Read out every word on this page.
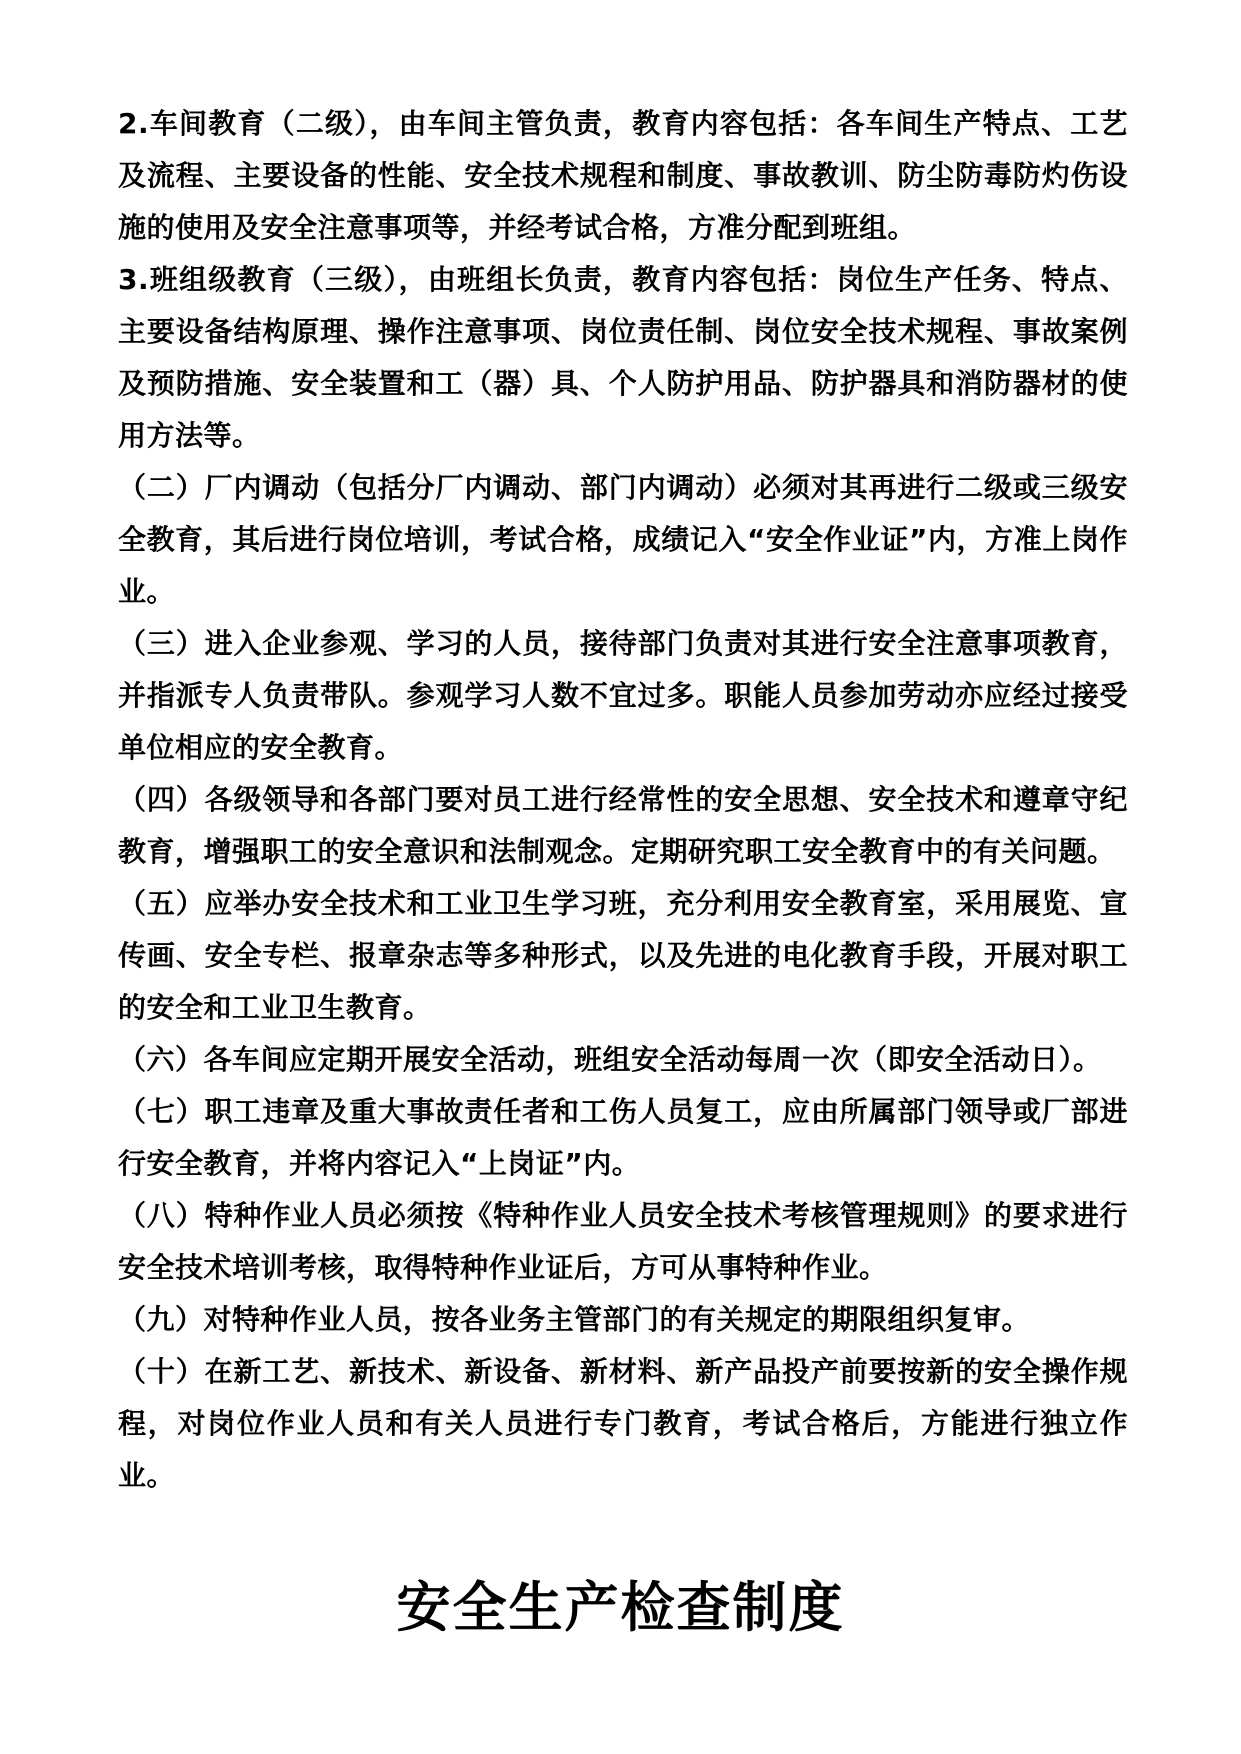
2.车间教育（二级），由车间主管负责，教育内容包括：各车间生产特点、工艺及流程、主要设备的性能、安全技术规程和制度、事故教训、防尘防毒防灼伤设施的使用及安全注意事项等，并经考试合格，方准分配到班组。

3.班组级教育（三级），由班组长负责，教育内容包括：岗位生产任务、特点、主要设备结构原理、操作注意事项、岗位责任制、岗位安全技术规程、事故案例及预防措施、安全装置和工（器）具、个人防护用品、防护器具和消防器材的使用方法等。

（二）厂内调动（包括分厂内调动、部门内调动）必须对其再进行二级或三级安全教育，其后进行岗位培训，考试合格，成绩记入“安全作业证”内，方准上岗作业。

（三）进入企业参观、学习的人员，接待部门负责对其进行安全注意事项教育，并指派专人负责带队。参观学习人数不宜过多。职能人员参加劳动亦应经过接受单位相应的安全教育。

（四）各级领导和各部门要对员工进行经常性的安全思想、安全技术和遵章守纪教育，增强职工的安全意识和法制观念。定期研究职工安全教育中的有关问题。

（五）应举办安全技术和工业卫生学习班，充分利用安全教育室，采用展览、宣传画、安全专栏、报章杂志等多种形式，以及先进的电化教育手段，开展对职工的安全和工业卫生教育。

（六）各车间应定期开展安全活动，班组安全活动每周一次（即安全活动日）。

（七）职工违章及重大事故责任者和工伤人员复工，应由所属部门领导或厂部进行安全教育，并将内容记入“上岗证”内。

（八）特种作业人员必须按《特种作业人员安全技术考核管理规则》的要求进行安全技术培训考核，取得特种作业证后，方可从事特种作业。

（九）对特种作业人员，按各业务主管部门的有关规定的期限组织复审。

（十）在新工艺、新技术、新设备、新材料、新产品投产前要按新的安全操作规程，对岗位作业人员和有关人员进行专门教育，考试合格后，方能进行独立作业。

安全生产检查制度
